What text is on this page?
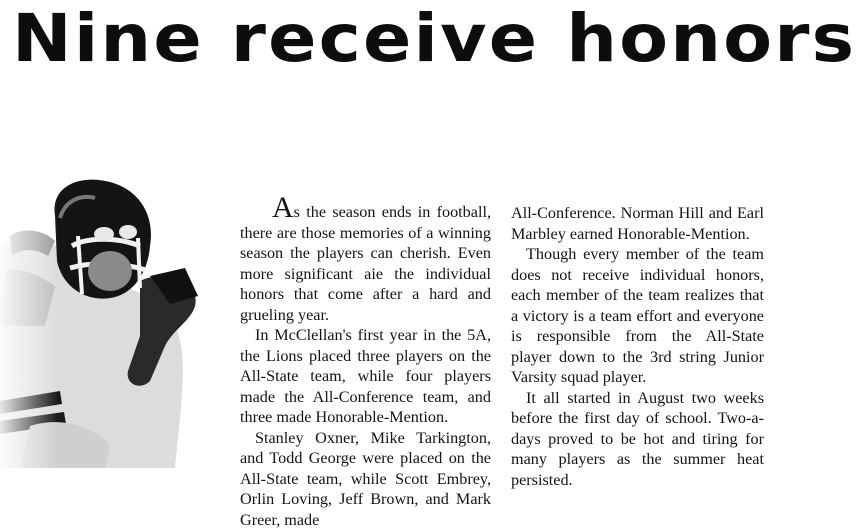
Nine receive honors

As the season ends in football, there are those memories of a winning season the players can cherish. Even more significant aie the individual honors that come after a hard and grueling year.

In McClellan's first year in the 5A, the Lions placed three players on the All-State team, while four players made the All-Conference team, and three made Honorable-Mention.

Stanley Oxner, Mike Tarkington, and Todd George were placed on the All-State team, while Scott Embrey, Orlin Loving, Jeff Brown, and Mark Greer, made

All-Conference. Norman Hill and Earl Marbley earned Honorable-Mention.

Though every member of the team does not receive individual honors, each member of the team realizes that a victory is a team effort and everyone is responsible from the All-State player down to the 3rd string Junior Varsity squad player.

It all started in August two weeks before the first day of school. Two-a-days proved to be hot and tiring for many players as the summer heat persisted.
